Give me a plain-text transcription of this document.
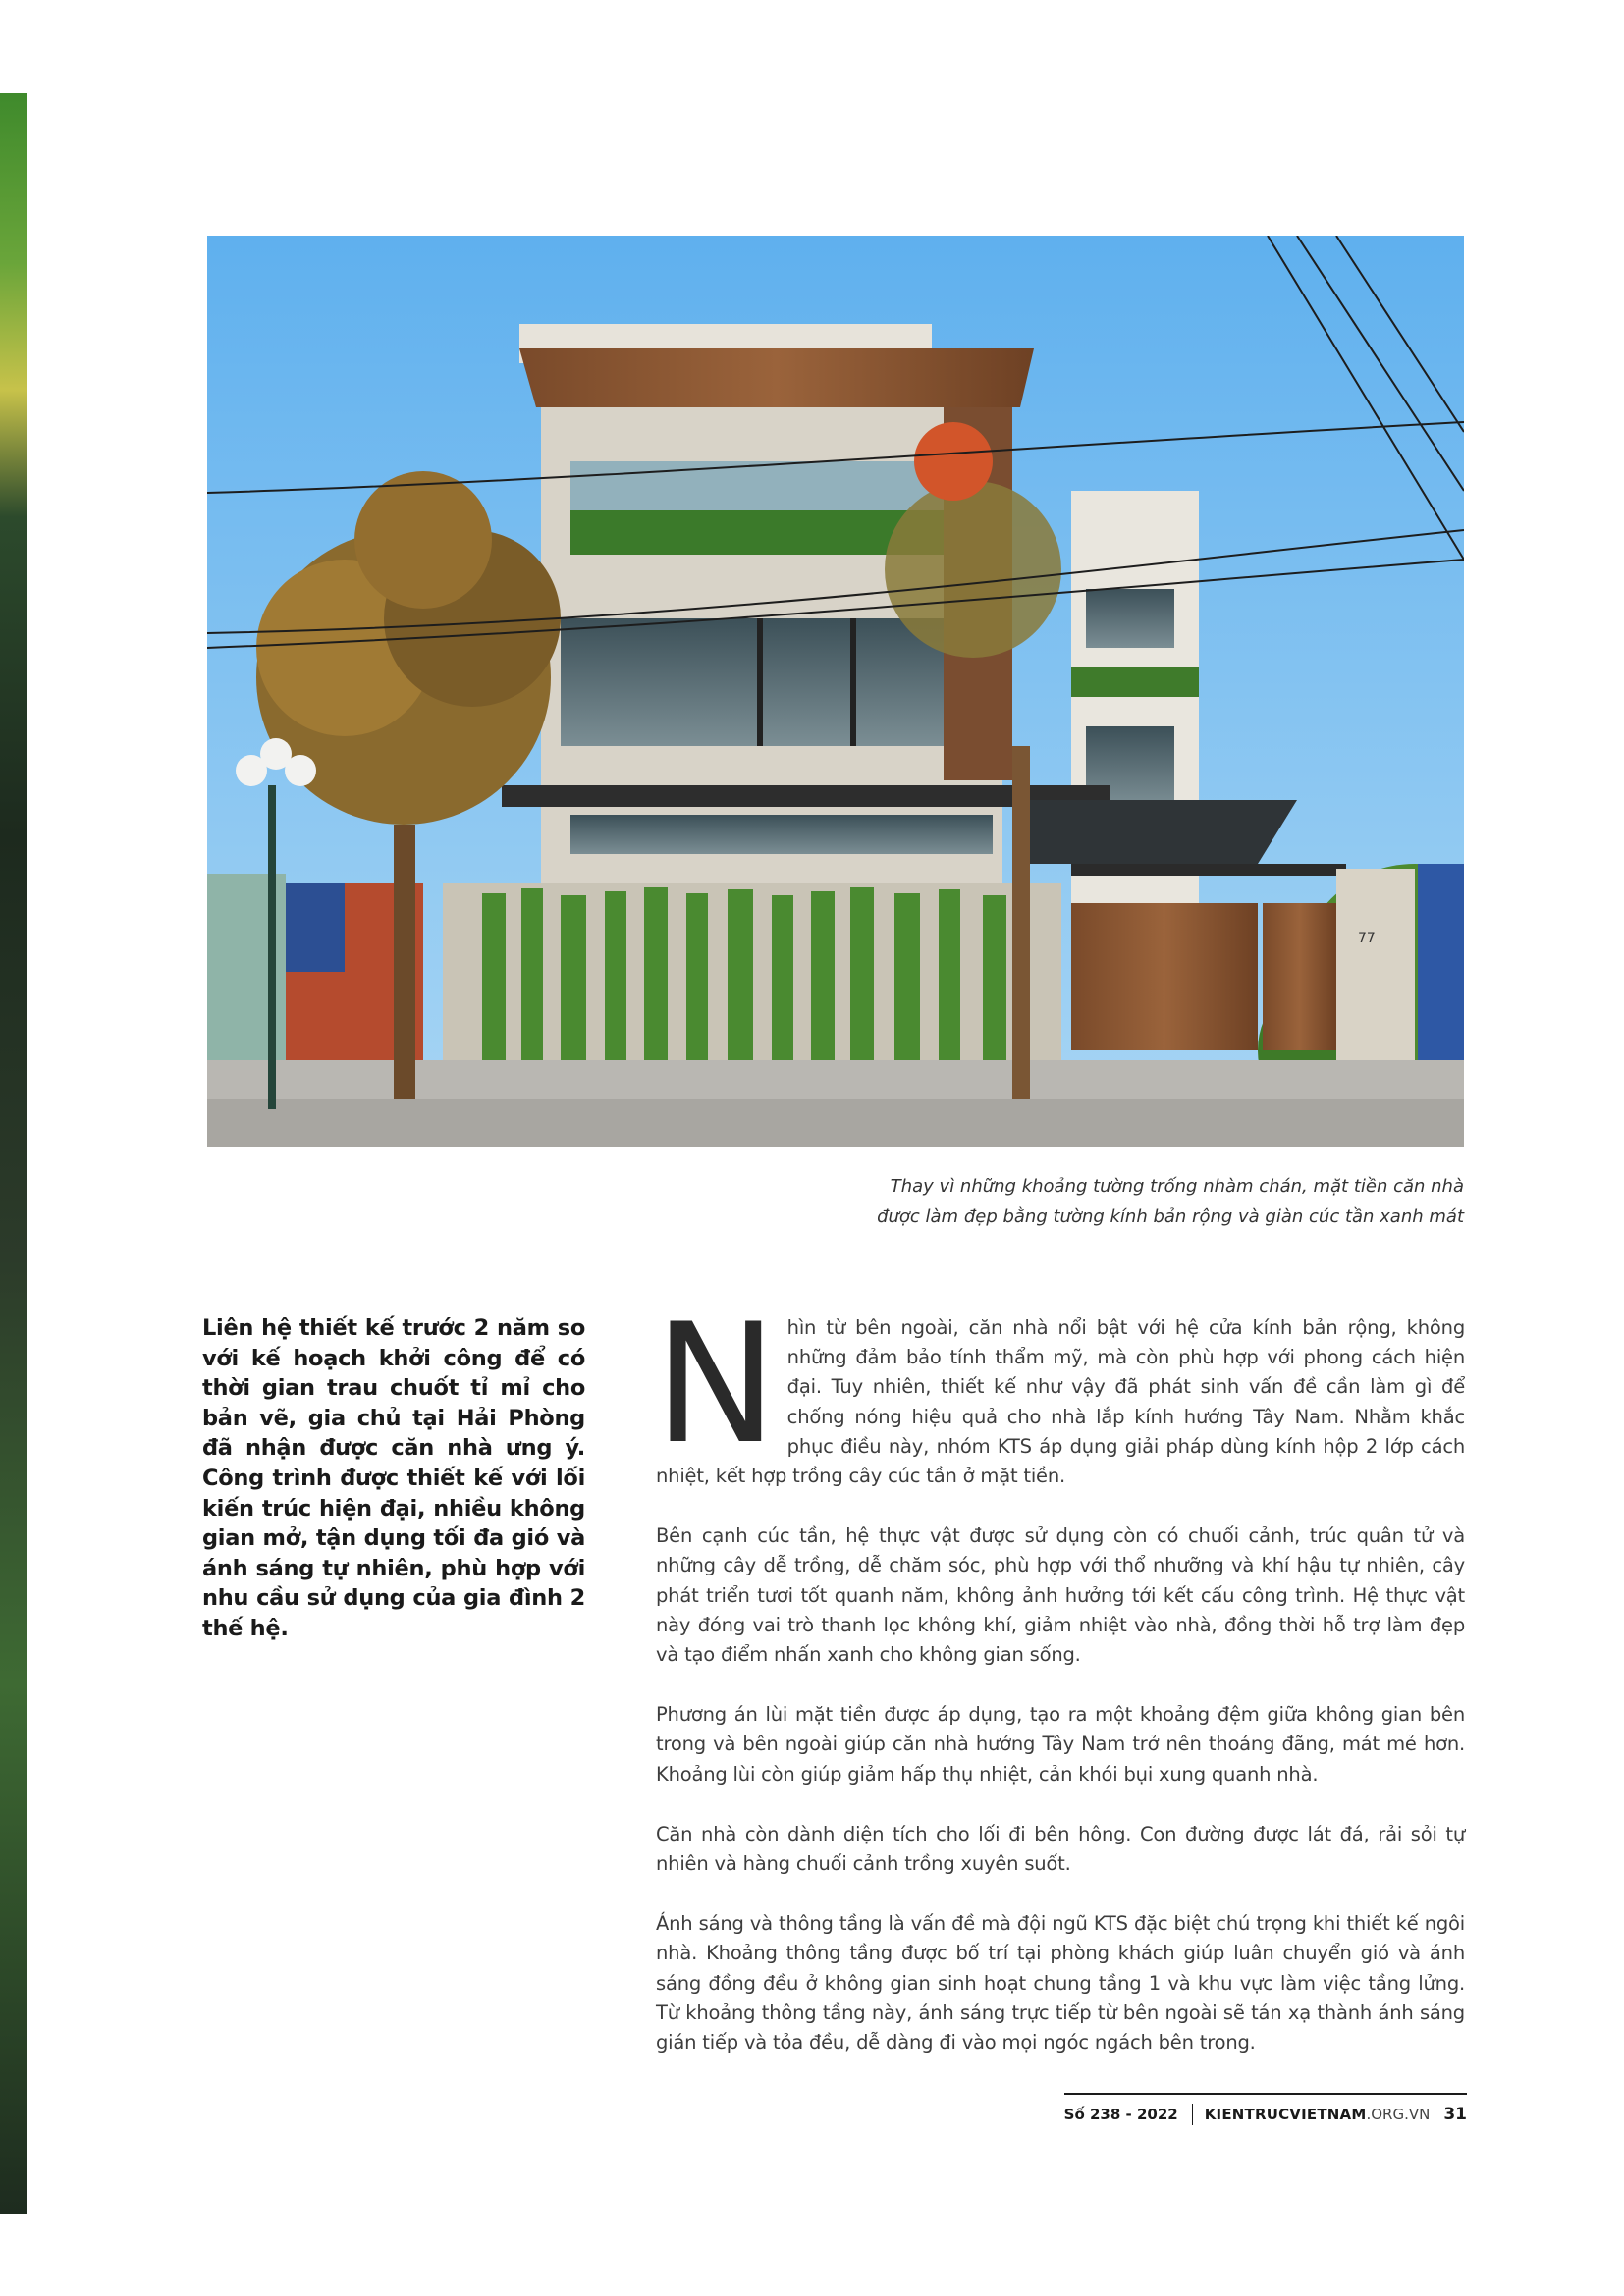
77
Thay vì những khoảng tường trống nhàm chán, mặt tiền căn nhà
được làm đẹp bằng tường kính bản rộng và giàn cúc tần xanh mát
Liên hệ thiết kế trước 2 năm so với kế hoạch khởi công để có thời gian trau chuốt tỉ mỉ cho bản vẽ, gia chủ tại Hải Phòng đã nhận được căn nhà ưng ý. Công trình được thiết kế với lối kiến trúc hiện đại, nhiều không gian mở, tận dụng tối đa gió và ánh sáng tự nhiên, phù hợp với nhu cầu sử dụng của gia đình 2 thế hệ.

Nhìn từ bên ngoài, căn nhà nổi bật với hệ cửa kính bản rộng, không những đảm bảo tính thẩm mỹ, mà còn phù hợp với phong cách hiện đại. Tuy nhiên, thiết kế như vậy đã phát sinh vấn đề cần làm gì để chống nóng hiệu quả cho nhà lắp kính hướng Tây Nam. Nhằm khắc phục điều này, nhóm KTS áp dụng giải pháp dùng kính hộp 2 lớp cách nhiệt, kết hợp trồng cây cúc tần ở mặt tiền.

Bên cạnh cúc tần, hệ thực vật được sử dụng còn có chuối cảnh, trúc quân tử và những cây dễ trồng, dễ chăm sóc, phù hợp với thổ nhưỡng và khí hậu tự nhiên, cây phát triển tươi tốt quanh năm, không ảnh hưởng tới kết cấu công trình. Hệ thực vật này đóng vai trò thanh lọc không khí, giảm nhiệt vào nhà, đồng thời hỗ trợ làm đẹp và tạo điểm nhấn xanh cho không gian sống.

Phương án lùi mặt tiền được áp dụng, tạo ra một khoảng đệm giữa không gian bên trong và bên ngoài giúp căn nhà hướng Tây Nam trở nên thoáng đãng, mát mẻ hơn. Khoảng lùi còn giúp giảm hấp thụ nhiệt, cản khói bụi xung quanh nhà.

Căn nhà còn dành diện tích cho lối đi bên hông. Con đường được lát đá, rải sỏi tự nhiên và hàng chuối cảnh trồng xuyên suốt.

Ánh sáng và thông tầng là vấn đề mà đội ngũ KTS đặc biệt chú trọng khi thiết kế ngôi nhà. Khoảng thông tầng được bố trí tại phòng khách giúp luân chuyển gió và ánh sáng đồng đều ở không gian sinh hoạt chung tầng 1 và khu vực làm việc tầng lửng. Từ khoảng thông tầng này, ánh sáng trực tiếp từ bên ngoài sẽ tán xạ thành ánh sáng gián tiếp và tỏa đều, dễ dàng đi vào mọi ngóc ngách bên trong.

Số 238 - 2022	KIENTRUCVIETNAM .ORG.VN 31
